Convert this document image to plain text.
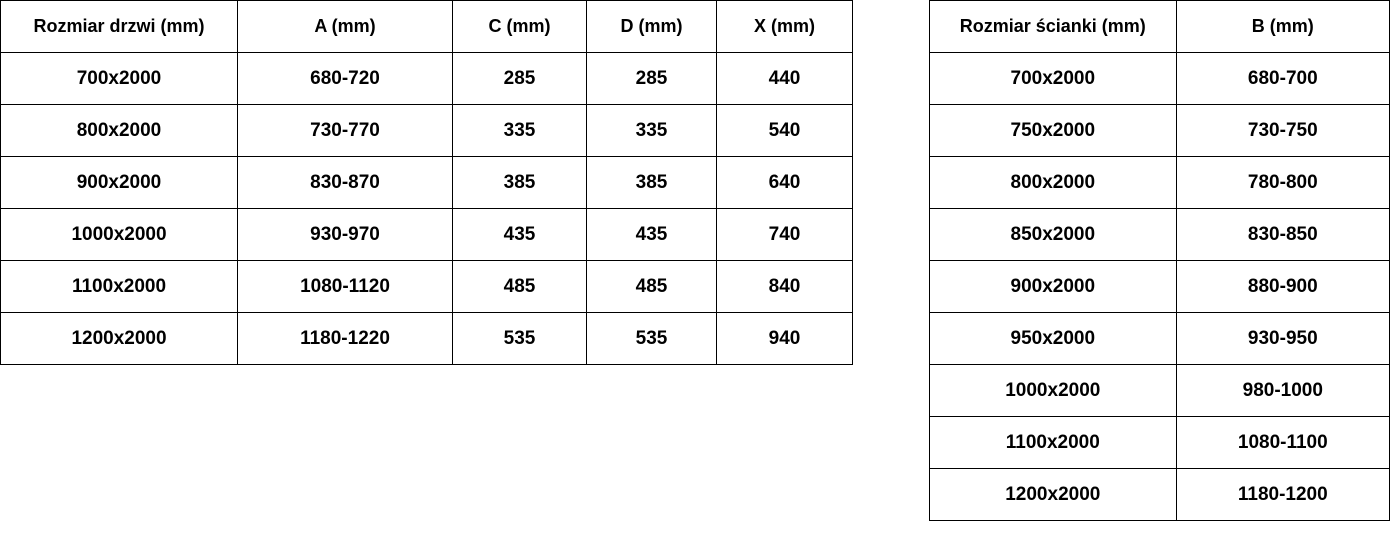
Rozmiar drzwi (mm)	A (mm)	C (mm)	D (mm)	X (mm)
700x2000	680-720	285	285	440
800x2000	730-770	335	335	540
900x2000	830-870	385	385	640
1000x2000	930-970	435	435	740
1100x2000	1080-1120	485	485	840
1200x2000	1180-1220	535	535	940
Rozmiar ścianki (mm)	B (mm)
700x2000	680-700
750x2000	730-750
800x2000	780-800
850x2000	830-850
900x2000	880-900
950x2000	930-950
1000x2000	980-1000
1100x2000	1080-1100
1200x2000	1180-1200
